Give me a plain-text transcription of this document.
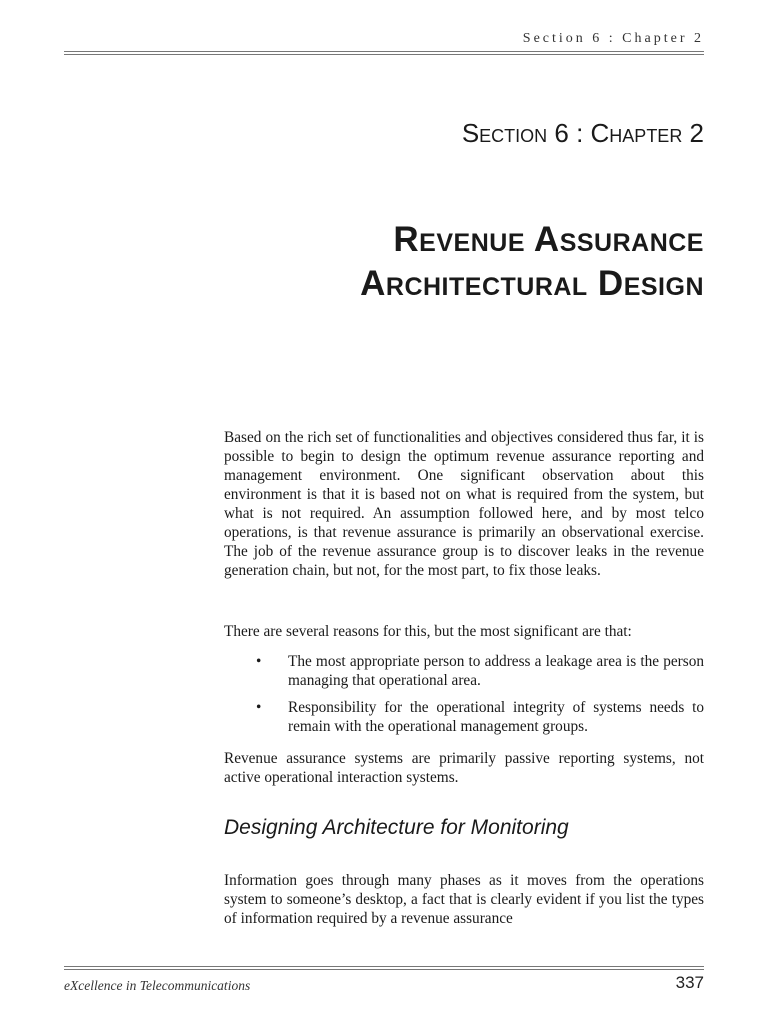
Section 6 : Chapter 2
Section 6 : Chapter 2
Revenue Assurance
Architectural Design
Based on the rich set of functionalities and objectives considered thus far, it is possible to begin to design the optimum revenue assurance reporting and management environment. One significant observation about this environment is that it is based not on what is required from the system, but what is not required. An assumption followed here, and by most telco operations, is that revenue assurance is primarily an observational exercise. The job of the revenue assurance group is to discover leaks in the revenue generation chain, but not, for the most part, to fix those leaks.
There are several reasons for this, but the most significant are that:
• The most appropriate person to address a leakage area is the person managing that operational area.
• Responsibility for the operational integrity of systems needs to remain with the operational management groups.
Revenue assurance systems are primarily passive reporting systems, not active operational interaction systems.
Designing Architecture for Monitoring
Information goes through many phases as it moves from the operations system to someone’s desktop, a fact that is clearly evident if you list the types of information required by a revenue assurance
eXcellence in Telecommunications	337
